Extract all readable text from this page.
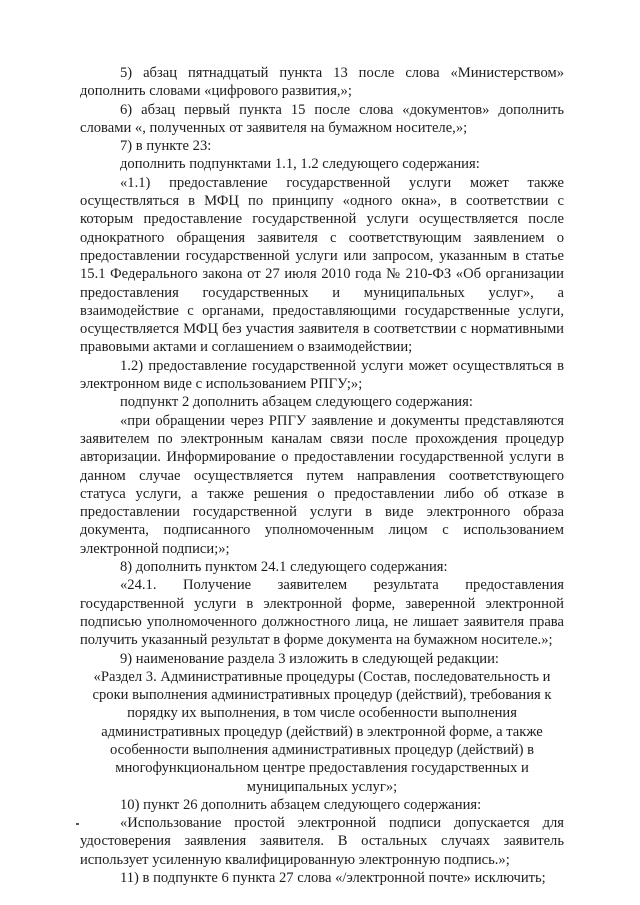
5) абзац пятнадцатый пункта 13 после слова «Министерством» дополнить словами «цифрового развития,»;

6) абзац первый пункта 15 после слова «документов» дополнить словами «, полученных от заявителя на бумажном носителе,»;

7) в пункте 23:

дополнить подпунктами 1.1, 1.2 следующего содержания:

«1.1) предоставление государственной услуги может также осуществляться в МФЦ по принципу «одного окна», в соответствии с которым предоставление государственной услуги осуществляется после однократного обращения заявителя с соответствующим заявлением о предоставлении государственной услуги или запросом, указанным в статье 15.1 Федерального закона от 27 июля 2010 года № 210-ФЗ «Об организации предоставления государственных и муниципальных услуг», а взаимодействие с органами, предоставляющими государственные услуги, осуществляется МФЦ без участия заявителя в соответствии с нормативными правовыми актами и соглашением о взаимодействии;

1.2) предоставление государственной услуги может осуществляться в электронном виде с использованием РПГУ;»;

подпункт 2 дополнить абзацем следующего содержания:

«при обращении через РПГУ заявление и документы представляются заявителем по электронным каналам связи после прохождения процедур авторизации. Информирование о предоставлении государственной услуги в данном случае осуществляется путем направления соответствующего статуса услуги, а также решения о предоставлении либо об отказе в предоставлении государственной услуги в виде электронного образа документа, подписанного уполномоченным лицом с использованием электронной подписи;»;

8) дополнить пунктом 24.1 следующего содержания:

«24.1. Получение заявителем результата предоставления государственной услуги в электронной форме, заверенной электронной подписью уполномоченного должностного лица, не лишает заявителя права получить указанный результат в форме документа на бумажном носителе.»;

9) наименование раздела 3 изложить в следующей редакции:

«Раздел 3. Административные процедуры (Состав, последовательность и сроки выполнения административных процедур (действий), требования к порядку их выполнения, в том числе особенности выполнения административных процедур (действий) в электронной форме, а также особенности выполнения административных процедур (действий) в многофункциональном центре предоставления государственных и муниципальных услуг»;

10) пункт 26 дополнить абзацем следующего содержания:

«Использование простой электронной подписи допускается для удостоверения заявления заявителя. В остальных случаях заявитель использует усиленную квалифицированную электронную подпись.»;

11) в подпункте 6 пункта 27 слова «/электронной почте» исключить;
